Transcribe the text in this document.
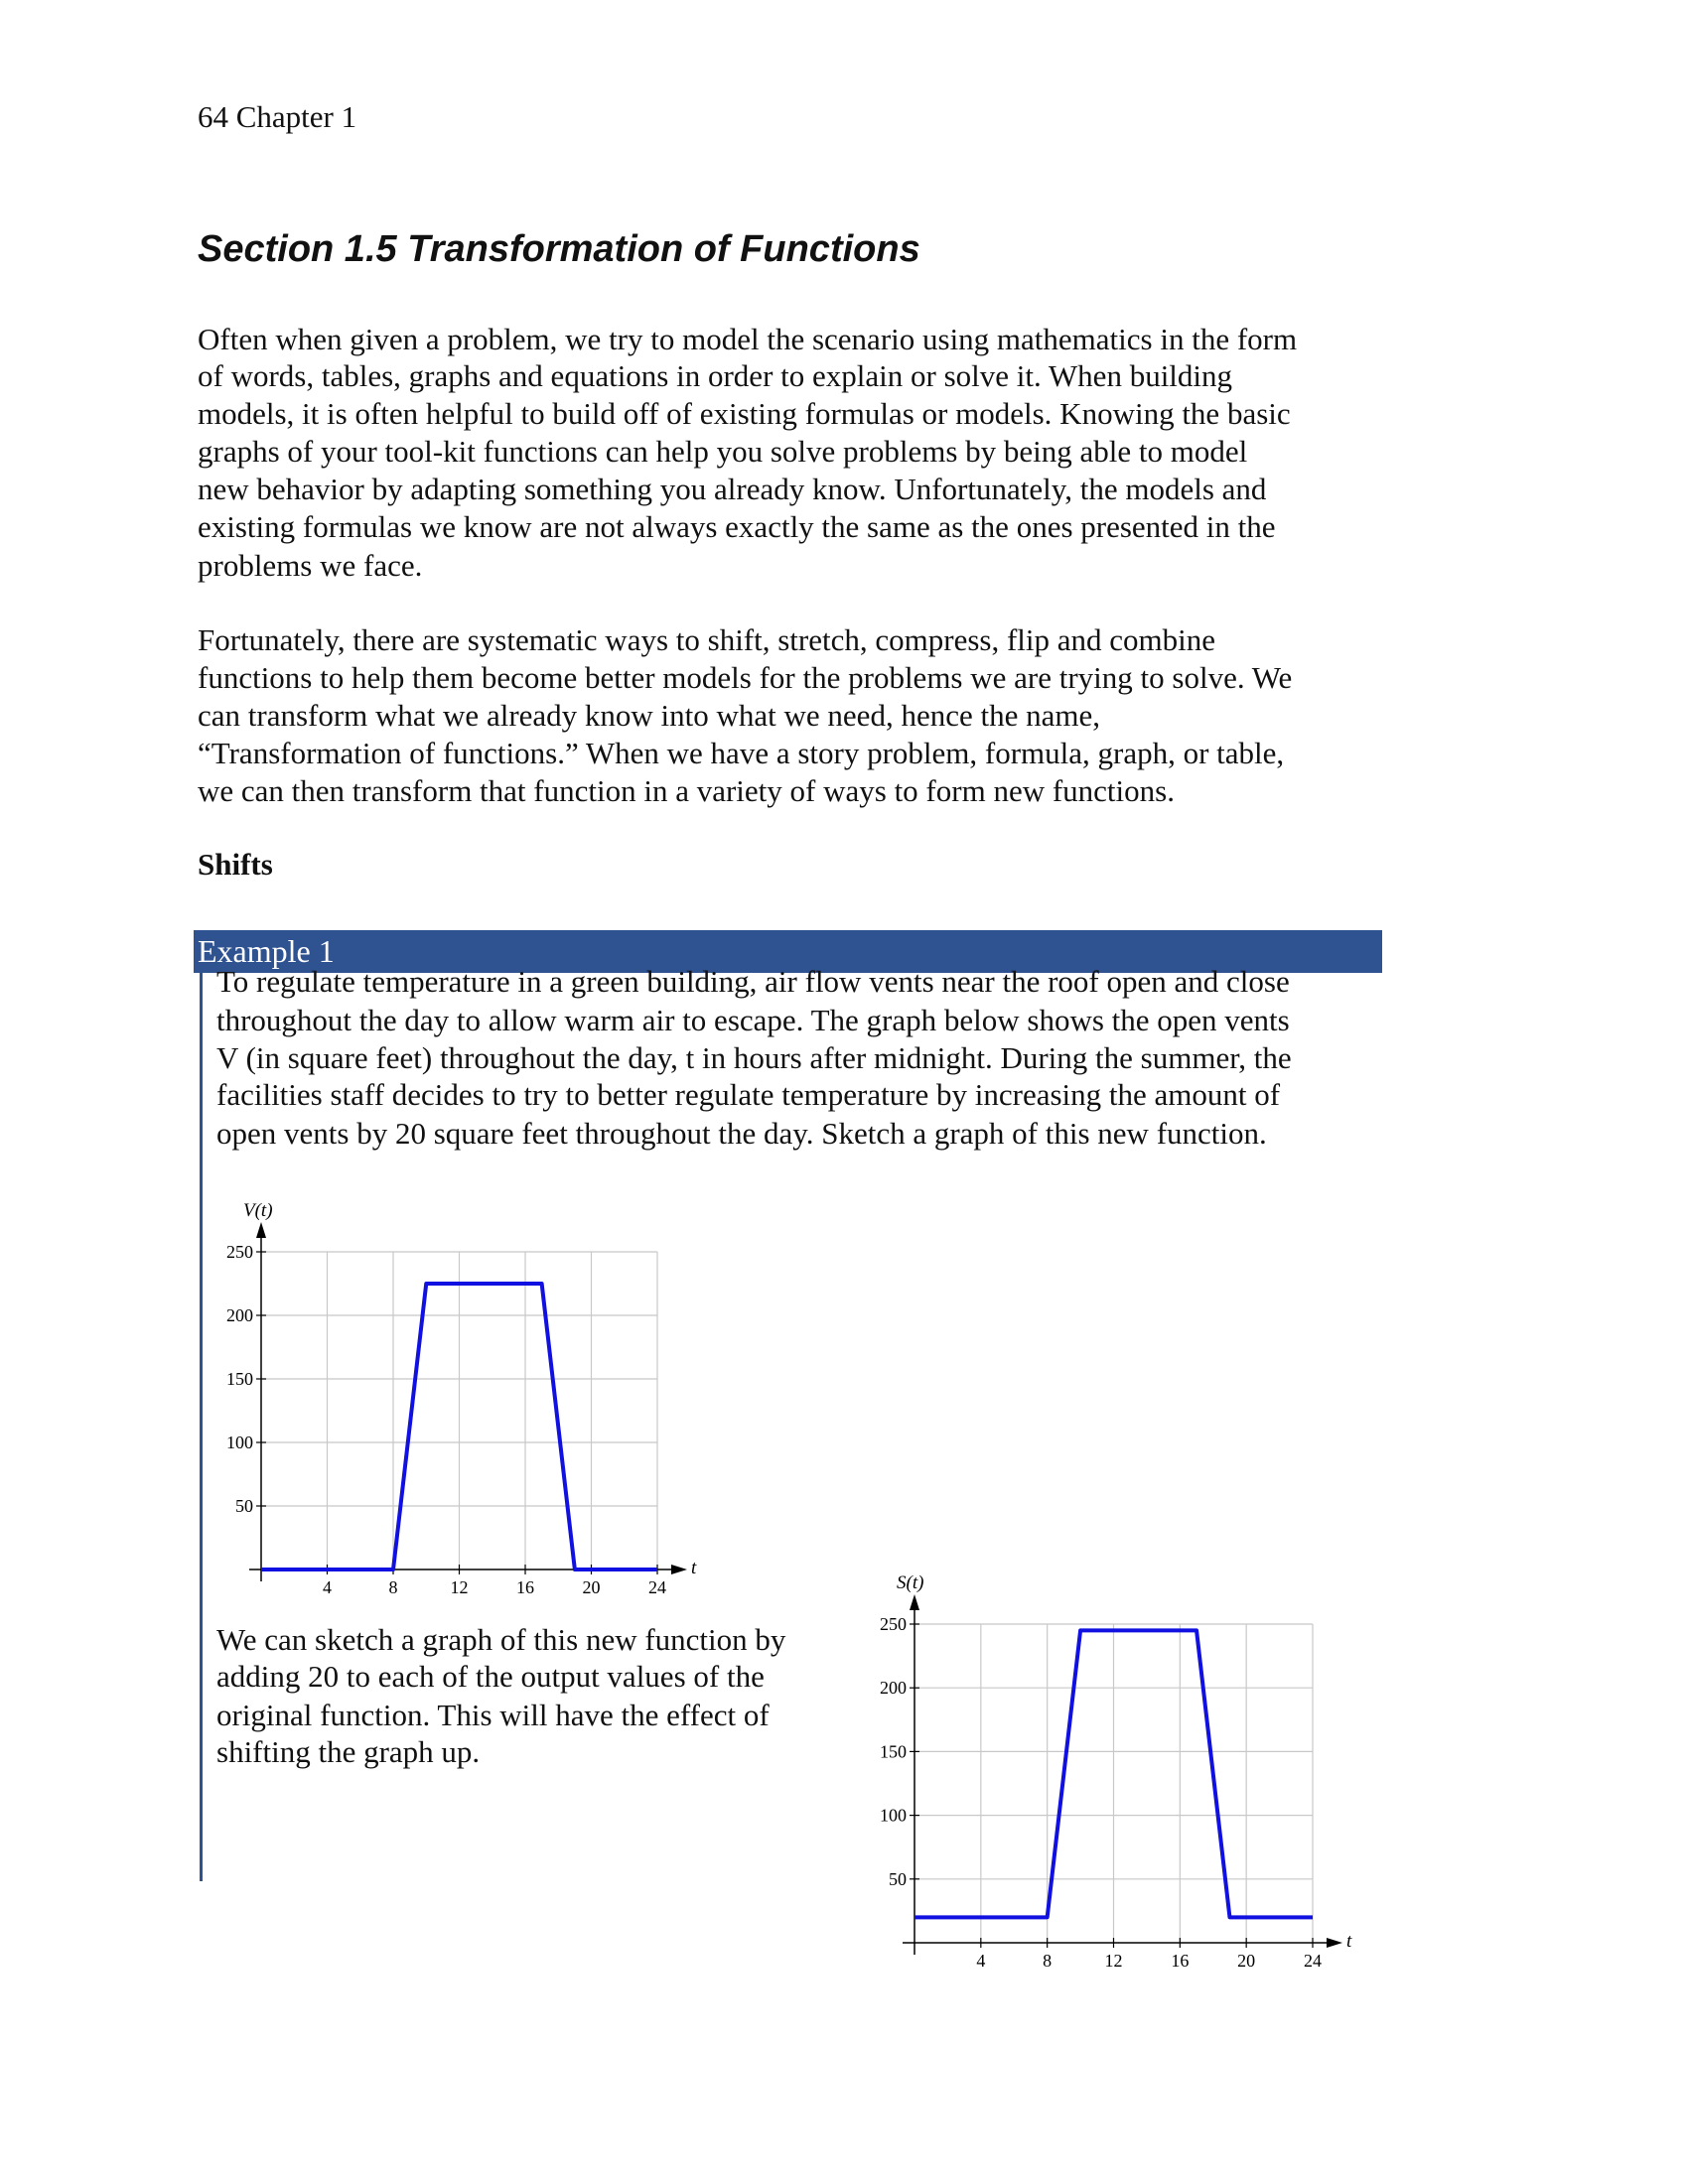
64 Chapter 1
Section 1.5 Transformation of Functions
Often when given a problem, we try to model the scenario using mathematics in the form
of words, tables, graphs and equations in order to explain or solve it. When building
models, it is often helpful to build off of existing formulas or models. Knowing the basic
graphs of your tool-kit functions can help you solve problems by being able to model
new behavior by adapting something you already know. Unfortunately, the models and
existing formulas we know are not always exactly the same as the ones presented in the
problems we face.
Fortunately, there are systematic ways to shift, stretch, compress, flip and combine
functions to help them become better models for the problems we are trying to solve. We
can transform what we already know into what we need, hence the name,
“Transformation of functions.” When we have a story problem, formula, graph, or table,
we can then transform that function in a variety of ways to form new functions.
Shifts
Example 1
To regulate temperature in a green building, air flow vents near the roof open and close
throughout the day to allow warm air to escape. The graph below shows the open vents
V (in square feet) throughout the day, t in hours after midnight. During the summer, the
facilities staff decides to try to better regulate temperature by increasing the amount of
open vents by 20 square feet throughout the day. Sketch a graph of this new function.
We can sketch a graph of this new function by
adding 20 to each of the output values of the
original function. This will have the effect of
shifting the graph up.
4	8	12	16	20	24
50
100
150
200
250
V(t)
t
4	8	12	16	20	24
50
100
150
200
250
S(t)
t
